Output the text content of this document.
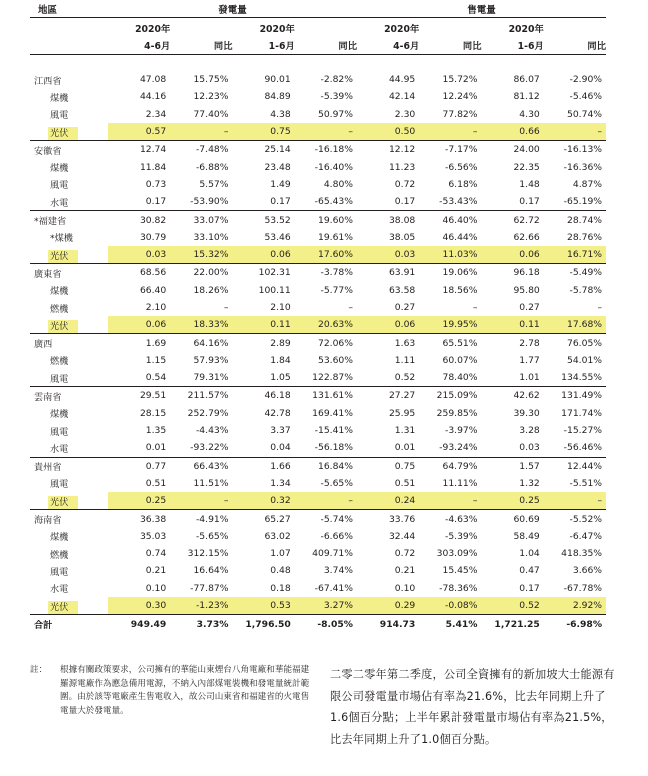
地區	發電量				售電量			
	2020年		2020年		2020年		2020年	
	4-6月	同比	1-6月	同比	4-6月	同比	1-6月	同比

江西省	47.08	15.75%	90.01	-2.82%	44.95	15.72%	86.07	-2.90%
煤機	44.16	12.23%	84.89	-5.39%	42.14	12.24%	81.12	-5.46%
風電	2.34	77.40%	4.38	50.97%	2.30	77.82%	4.30	50.74%
光伏	0.57	–	0.75	–	0.50	–	0.66	–
安徽省	12.74	-7.48%	25.14	-16.18%	12.12	-7.17%	24.00	-16.13%
煤機	11.84	-6.88%	23.48	-16.40%	11.23	-6.56%	22.35	-16.36%
風電	0.73	5.57%	1.49	4.80%	0.72	6.18%	1.48	4.87%
水電	0.17	-53.90%	0.17	-65.43%	0.17	-53.43%	0.17	-65.19%
*福建省	30.82	33.07%	53.52	19.60%	38.08	46.40%	62.72	28.74%
*煤機	30.79	33.10%	53.46	19.61%	38.05	46.44%	62.66	28.76%
光伏	0.03	15.32%	0.06	17.60%	0.03	11.03%	0.06	16.71%
廣東省	68.56	22.00%	102.31	-3.78%	63.91	19.06%	96.18	-5.49%
煤機	66.40	18.26%	100.11	-5.77%	63.58	18.56%	95.80	-5.78%
燃機	2.10	–	2.10	–	0.27	–	0.27	–
光伏	0.06	18.33%	0.11	20.63%	0.06	19.95%	0.11	17.68%
廣西	1.69	64.16%	2.89	72.06%	1.63	65.51%	2.78	76.05%
燃機	1.15	57.93%	1.84	53.60%	1.11	60.07%	1.77	54.01%
風電	0.54	79.31%	1.05	122.87%	0.52	78.40%	1.01	134.55%
雲南省	29.51	211.57%	46.18	131.61%	27.27	215.09%	42.62	131.49%
煤機	28.15	252.79%	42.78	169.41%	25.95	259.85%	39.30	171.74%
風電	1.35	-4.43%	3.37	-15.41%	1.31	-3.97%	3.28	-15.27%
水電	0.01	-93.22%	0.04	-56.18%	0.01	-93.24%	0.03	-56.46%
貴州省	0.77	66.43%	1.66	16.84%	0.75	64.79%	1.57	12.44%
風電	0.51	11.51%	1.34	-5.65%	0.51	11.11%	1.32	-5.51%
光伏	0.25	–	0.32	–	0.24	–	0.25	–
海南省	36.38	-4.91%	65.27	-5.74%	33.76	-4.63%	60.69	-5.52%
煤機	35.03	-5.65%	63.02	-6.66%	32.44	-5.39%	58.49	-6.47%
燃機	0.74	312.15%	1.07	409.71%	0.72	303.09%	1.04	418.35%
風電	0.21	16.64%	0.48	3.74%	0.21	15.45%	0.47	3.66%
水電	0.10	-77.87%	0.18	-67.41%	0.10	-78.36%	0.17	-67.78%
光伏	0.30	-1.23%	0.53	3.27%	0.29	-0.08%	0.52	2.92%
合計	949.49	3.73%	1,796.50	-8.05%	914.73	5.41%	1,721.25	-6.98%
註：	根據有關政策要求，公司擁有的華能山東煙台八角電廠和華能福建羅源電廠作為應急備用電源，不納入內部煤電裝機和發電量統計範圍。由於該等電廠產生售電收入，故公司山東省和福建省的火電售電量大於發電量。
二零二零年第二季度，公司全資擁有的新加坡大士能源有限公司發電量市場佔有率為21.6%，比去年同期上升了1.6個百分點；上半年累計發電量市場佔有率為21.5%，比去年同期上升了1.0個百分點。
